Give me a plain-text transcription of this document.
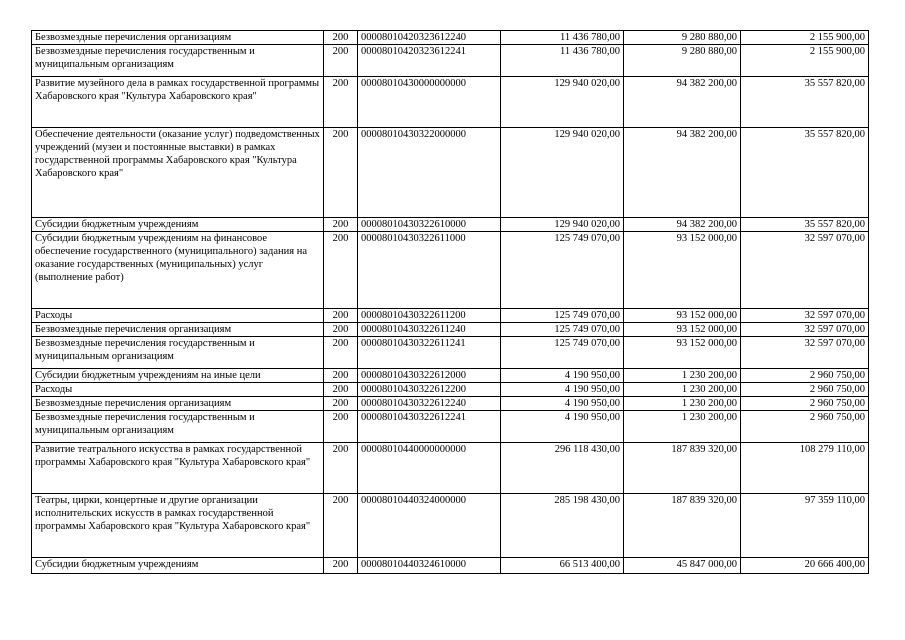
Безвозмездные перечисления организациям	200	00008010420323612240	11 436 780,00	9 280 880,00	2 155 900,00
Безвозмездные перечисления государственным и муниципальным организациям	200	00008010420323612241	11 436 780,00	9 280 880,00	2 155 900,00
Развитие музейного дела в рамках государственной программы Хабаровского края "Культура Хабаровского края"	200	00008010430000000000	129 940 020,00	94 382 200,00	35 557 820,00
Обеспечение деятельности (оказание услуг) подведомственных учреждений (музеи и постоянные выставки) в рамках государственной программы Хабаровского края "Культура Хабаровского края"	200	00008010430322000000	129 940 020,00	94 382 200,00	35 557 820,00
Субсидии бюджетным учреждениям	200	00008010430322610000	129 940 020,00	94 382 200,00	35 557 820,00
Субсидии бюджетным учреждениям на финансовое обеспечение государственного (муниципального) задания на оказание государственных (муниципальных) услуг (выполнение работ)	200	00008010430322611000	125 749 070,00	93 152 000,00	32 597 070,00
Расходы	200	00008010430322611200	125 749 070,00	93 152 000,00	32 597 070,00
Безвозмездные перечисления организациям	200	00008010430322611240	125 749 070,00	93 152 000,00	32 597 070,00
Безвозмездные перечисления государственным и муниципальным организациям	200	00008010430322611241	125 749 070,00	93 152 000,00	32 597 070,00
Субсидии бюджетным учреждениям на иные цели	200	00008010430322612000	4 190 950,00	1 230 200,00	2 960 750,00
Расходы	200	00008010430322612200	4 190 950,00	1 230 200,00	2 960 750,00
Безвозмездные перечисления организациям	200	00008010430322612240	4 190 950,00	1 230 200,00	2 960 750,00
Безвозмездные перечисления государственным и муниципальным организациям	200	00008010430322612241	4 190 950,00	1 230 200,00	2 960 750,00
Развитие театрального искусства в рамках государственной программы Хабаровского края "Культура Хабаровского края"	200	00008010440000000000	296 118 430,00	187 839 320,00	108 279 110,00
Театры, цирки, концертные и другие организации исполнительских искусств в рамках государственной программы Хабаровского края "Культура Хабаровского края"	200	00008010440324000000	285 198 430,00	187 839 320,00	97 359 110,00
Субсидии бюджетным учреждениям	200	00008010440324610000	66 513 400,00	45 847 000,00	20 666 400,00
